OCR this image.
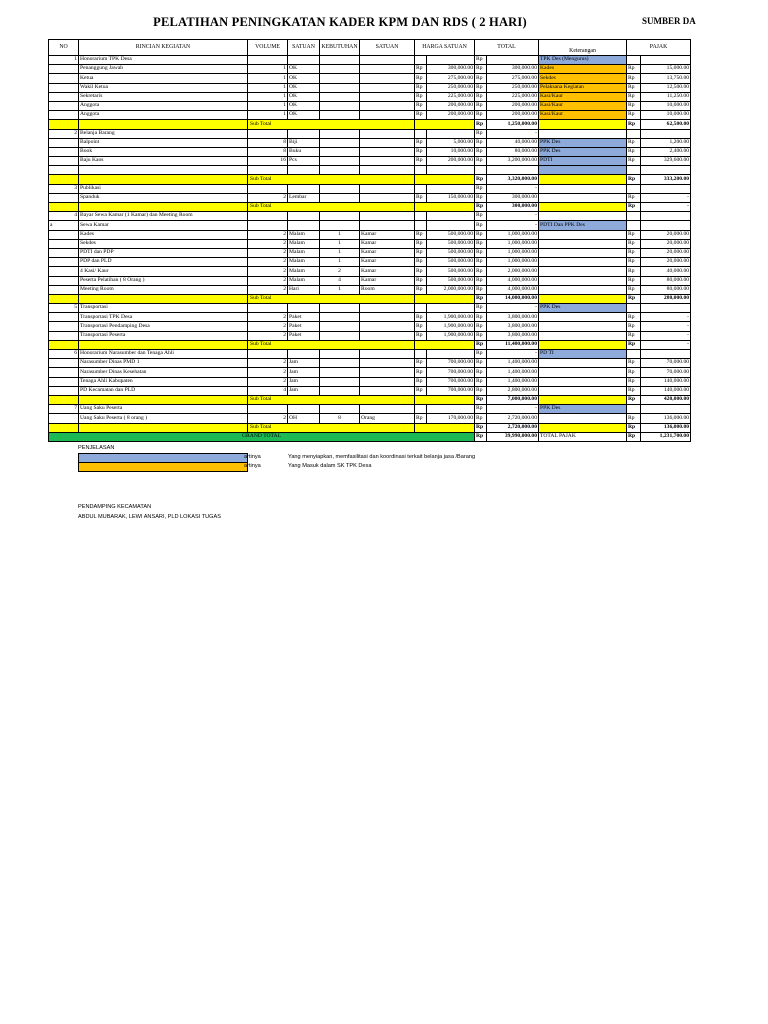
PELATIHAN PENINGKATAN KADER KPM DAN RDS ( 2 HARI)	SUMBER DA
NO	RINCIAN KEGIATAN	VOLUME	SATUAN	KEBUTUHAN	SATUAN	HARGA SATUAN		TOTAL		Keterangan	PAJAK	
1	Honorarium TPK Desa							Rp		TPK Des (Mengurus)		
	Penanggung Jawab	1	OK			Rp	300,000.00	Rp	300,000.00	Kades	Rp	15,000.00
	Ketua	1	OK			Rp	275,000.00	Rp	275,000.00	Sekdes	Rp	13,750.00
	Wakil Ketua	1	OK			Rp	250,000.00	Rp	250,000.00	Pelaksana Kegiatan	Rp	12,500.00
	Sekretaris	1	OK			Rp	225,000.00	Rp	225,000.00	Kasi/Kaur	Rp	11,250.00
	Anggota	1	OK			Rp	200,000.00	Rp	200,000.00	Kasi/Kaur	Rp	10,000.00
	Anggota	1	OK			Rp	200,000.00	Rp	200,000.00	Kasi/Kaur	Rp	10,000.00
		Sub Total						Rp	1,250,000.00		Rp	62,500.00
2	Belanja Barang							Rp	-			
	Balpoint	8	Biji			Rp	5,000.00	Rp	40,000.00	PPK Des	Rp	1,200.00
	Book	8	Buku			Rp	10,000.00	Rp	80,000.00	PPK Des	Rp	2,400.00
	Baju Kaos	16	Pcs			Rp	200,000.00	Rp	3,200,000.00	PDTI	Rp	329,600.00

		Sub Total						Rp	3,320,000.00		Rp	333,200.00
3	Publikasi							Rp	-			
	Spanduk	2	Lembar			Rp	150,000.00	Rp	300,000.00		Rp	-
		Sub Total						Rp	300,000.00		Rp	-
4	Bayar Sewa Kamar (1 Kamar) dan Meeting Room							Rp	-			
a	Sewa Kamar							Rp	-	PDTI Dan PPK Des		
	Kades	2	Malam	1	Kamar	Rp	500,000.00	Rp	1,000,000.00		Rp	20,000.00
	Sekdes	2	Malam	1	Kamar	Rp	500,000.00	Rp	1,000,000.00		Rp	20,000.00
	PDTI dan PDP	2	Malam	1	Kamar	Rp	500,000.00	Rp	1,000,000.00		Rp	20,000.00
	PDP dan PLD	2	Malam	1	Kamar	Rp	500,000.00	Rp	1,000,000.00		Rp	20,000.00
	4 Kasi/ Kaur	2	Malam	2	Kamar	Rp	500,000.00	Rp	2,000,000.00		Rp	40,000.00
	Peserta Pelatihan ( 8 Orang )	2	Malam	4	Kamar	Rp	500,000.00	Rp	4,000,000.00		Rp	80,000.00
	Meeting Room	2	Hari	1	Room	Rp	2,000,000.00	Rp	4,000,000.00		Rp	80,000.00
		Sub Total						Rp	14,000,000.00		Rp	280,000.00
5	Transportasi							Rp	-	PPK Des		
	Transportasi TPK Desa	2	Paket			Rp	1,900,000.00	Rp	3,800,000.00		Rp	-
	Transportasi Pendamping Desa	2	Paket			Rp	1,900,000.00	Rp	3,800,000.00		Rp	-
	Transportasi Peserta	2	Paket			Rp	1,900,000.00	Rp	3,800,000.00		Rp	-
		Sub Total						Rp	11,400,000.00		Rp	-
6	Honorarium Narasumber dan Tenaga Ahli							Rp	-	PD TI		
	Narasumber Dinas PMD 1	2	Jam			Rp	700,000.00	Rp	1,400,000.00		Rp	70,000.00
	Narasumber Dinas Kesehatan	2	Jam			Rp	700,000.00	Rp	1,400,000.00		Rp	70,000.00
	Tenaga Ahli Kabupaten	2	Jam			Rp	700,000.00	Rp	1,400,000.00		Rp	140,000.00
	PD Kecamatan dan PLD	4	Jam			Rp	700,000.00	Rp	2,800,000.00		Rp	140,000.00
		Sub Total						Rp	7,000,000.00		Rp	420,000.00
7	Uang Saku Peserta							Rp	-	PPK Des		
	Uang Saku Peserta ( 8 orang )	2	OH	8	Orang	Rp	170,000.00	Rp	2,720,000.00		Rp	136,000.00
		Sub Total						Rp	2,720,000.00		Rp	136,000.00
GRAND TOTAL								Rp	39,990,000.00	TOTAL PAJAK	Rp	1,231,700.00
PENJELASAN
artinya	Yang menyiapkan, memfasilitasi dan koordinasi terkait belanja jasa /Barang
artinya	Yang Masuk dalam SK TPK Desa
PENDAMPING KECAMATAN
ABDUL MUBARAK, LEWI ANSARI, PLD LOKASI TUGAS
